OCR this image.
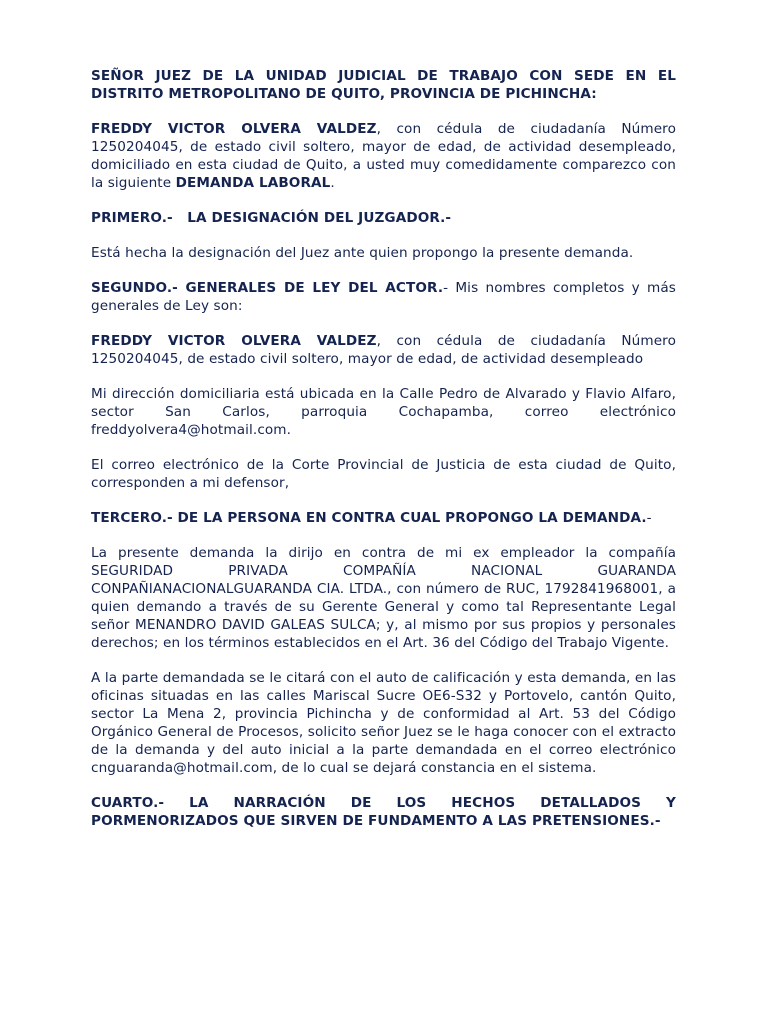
SEÑOR JUEZ DE LA UNIDAD JUDICIAL DE TRABAJO CON SEDE EN EL DISTRITO METROPOLITANO DE QUITO, PROVINCIA DE PICHINCHA:

FREDDY VICTOR OLVERA VALDEZ, con cédula de ciudadanía Número 1250204045, de estado civil soltero, mayor de edad, de actividad desempleado, domiciliado en esta ciudad de Quito, a usted muy comedidamente comparezco con la siguiente DEMANDA LABORAL.

PRIMERO.-   LA DESIGNACIÓN DEL JUZGADOR.-

Está hecha la designación del Juez ante quien propongo la presente demanda.

SEGUNDO.- GENERALES DE LEY DEL ACTOR.- Mis nombres completos y más generales de Ley son:

FREDDY VICTOR OLVERA VALDEZ, con cédula de ciudadanía Número 1250204045, de estado civil soltero, mayor de edad, de actividad desempleado

Mi dirección domiciliaria está ubicada en la Calle Pedro de Alvarado y Flavio Alfaro, sector San Carlos, parroquia Cochapamba, correo electrónico freddyolvera4@hotmail.com.

El correo electrónico de la Corte Provincial de Justicia de esta ciudad de Quito, corresponden a mi defensor,

TERCERO.- DE LA PERSONA EN CONTRA CUAL PROPONGO LA DEMANDA.-

La presente demanda la dirijo en contra de mi ex empleador la compañía SEGURIDAD PRIVADA COMPAÑÍA NACIONAL GUARANDA CONPAÑIANACIONALGUARANDA CIA. LTDA., con número de RUC, 1792841968001, a quien demando a través de su Gerente General y como tal Representante Legal señor MENANDRO DAVID GALEAS SULCA; y, al mismo por sus propios y personales derechos; en los términos establecidos en el Art. 36 del Código del Trabajo Vigente.

A la parte demandada se le citará con el auto de calificación y esta demanda, en las oficinas situadas en las calles Mariscal Sucre OE6-S32 y Portovelo, cantón Quito, sector La Mena 2, provincia Pichincha y de conformidad al Art. 53 del Código Orgánico General de Procesos, solicito señor Juez se le haga conocer con el extracto de la demanda y del auto inicial a la parte demandada en el correo electrónico cnguaranda@hotmail.com, de lo cual se dejará constancia en el sistema.

CUARTO.- LA NARRACIÓN DE LOS HECHOS DETALLADOS Y PORMENORIZADOS QUE SIRVEN DE FUNDAMENTO A LAS PRETENSIONES.-
